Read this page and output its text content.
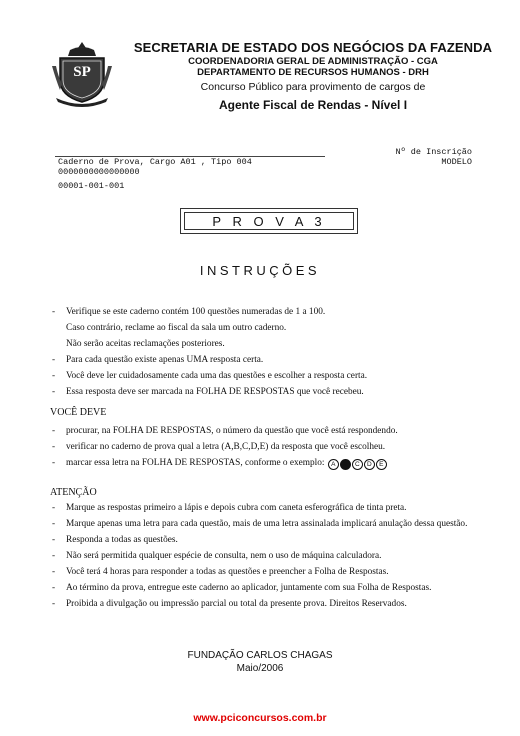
SP
SECRETARIA DE ESTADO DOS NEGÓCIOS DA FAZENDA
COORDENADORIA GERAL DE ADMINISTRAÇÃO - CGA
DEPARTAMENTO DE RECURSOS HUMANOS - DRH
Concurso Público para provimento de cargos de
Agente Fiscal de Rendas - Nível I
Caderno de Prova, Cargo A01 , Tipo 004
0000000000000000
00001-001-001
Nº de Inscrição
MODELO
P R O V A 3
INSTRUÇÕES
- Verifique se este caderno contém 100 questões numeradas de 1 a 100.
Caso contrário, reclame ao fiscal da sala um outro caderno.
Não serão aceitas reclamações posteriores.
- Para cada questão existe apenas UMA resposta certa.
- Você deve ler cuidadosamente cada uma das questões e escolher a resposta certa.
- Essa resposta deve ser marcada na FOLHA DE RESPOSTAS que você recebeu.
VOCÊ DEVE
- procurar, na FOLHA DE RESPOSTAS, o número da questão que você está respondendo.
- verificar no caderno de prova qual a letra (A,B,C,D,E) da resposta que você escolheu.
- marcar essa letra na FOLHA DE RESPOSTAS, conforme o exemplo: A B C D E
ATENÇÃO
- Marque as respostas primeiro a lápis e depois cubra com caneta esferográfica de tinta preta.
- Marque apenas uma letra para cada questão, mais de uma letra assinalada implicará anulação dessa questão.
- Responda a todas as questões.
- Não será permitida qualquer espécie de consulta, nem o uso de máquina calculadora.
- Você terá 4 horas para responder a todas as questões e preencher a Folha de Respostas.
- Ao término da prova, entregue este caderno ao aplicador, juntamente com sua Folha de Respostas.
- Proibida a divulgação ou impressão parcial ou total da presente prova. Direitos Reservados.
FUNDAÇÃO CARLOS CHAGAS
Maio/2006
www.pciconcursos.com.br
